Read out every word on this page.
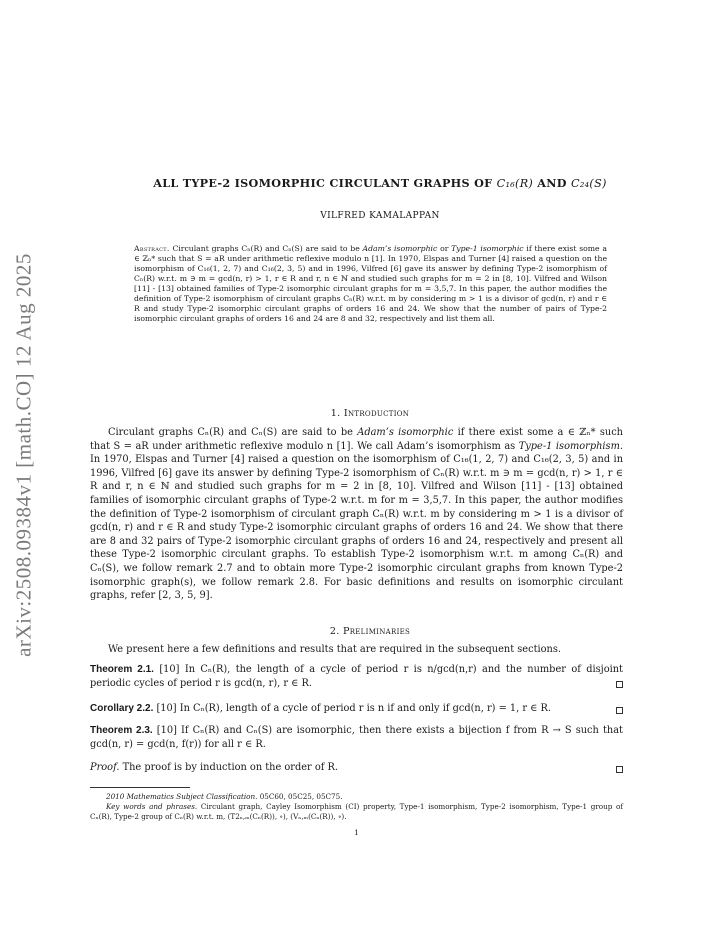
arXiv:2508.09384v1 [math.CO] 12 Aug 2025
ALL TYPE-2 ISOMORPHIC CIRCULANT GRAPHS OF C₁₆(R) AND C₂₄(S)
VILFRED KAMALAPPAN
Abstract. Circulant graphs Cₙ(R) and Cₙ(S) are said to be Adam’s isomorphic or Type-1 isomorphic if there exist some a ∈ ℤₙ* such that S = aR under arithmetic reflexive modulo n [1]. In 1970, Elspas and Turner [4] raised a question on the isomorphism of C₁₆(1, 2, 7) and C₁₆(2, 3, 5) and in 1996, Vilfred [6] gave its answer by defining Type-2 isomorphism of Cₙ(R) w.r.t. m ∋ m = gcd(n, r) > 1, r ∈ R and r, n ∈ ℕ and studied such graphs for m = 2 in [8, 10]. Vilfred and Wilson [11] - [13] obtained families of Type-2 isomorphic circulant graphs for m = 3,5,7. In this paper, the author modifies the definition of Type-2 isomorphism of circulant graphs Cₙ(R) w.r.t. m by considering m > 1 is a divisor of gcd(n, r) and r ∈ R and study Type-2 isomorphic circulant graphs of orders 16 and 24. We show that the number of pairs of Type-2 isomorphic circulant graphs of orders 16 and 24 are 8 and 32, respectively and list them all.
1. Introduction
Circulant graphs Cₙ(R) and Cₙ(S) are said to be Adam’s isomorphic if there exist some a ∈ ℤₙ* such that S = aR under arithmetic reflexive modulo n [1]. We call Adam’s isomorphism as Type-1 isomorphism. In 1970, Elspas and Turner [4] raised a question on the isomorphism of C₁₆(1, 2, 7) and C₁₆(2, 3, 5) and in 1996, Vilfred [6] gave its answer by defining Type-2 isomorphism of Cₙ(R) w.r.t. m ∋ m = gcd(n, r) > 1, r ∈ R and r, n ∈ ℕ and studied such graphs for m = 2 in [8, 10]. Vilfred and Wilson [11] - [13] obtained families of isomorphic circulant graphs of Type-2 w.r.t. m for m = 3,5,7. In this paper, the author modifies the definition of Type-2 isomorphism of circulant graph Cₙ(R) w.r.t. m by considering m > 1 is a divisor of gcd(n, r) and r ∈ R and study Type-2 isomorphic circulant graphs of orders 16 and 24. We show that there are 8 and 32 pairs of Type-2 isomorphic circulant graphs of orders 16 and 24, respectively and present all these Type-2 isomorphic circulant graphs. To establish Type-2 isomorphism w.r.t. m among Cₙ(R) and Cₙ(S), we follow remark 2.7 and to obtain more Type-2 isomorphic circulant graphs from known Type-2 isomorphic graph(s), we follow remark 2.8. For basic definitions and results on isomorphic circulant graphs, refer [2, 3, 5, 9].
2. Preliminaries
We present here a few definitions and results that are required in the subsequent sections.
Theorem 2.1. [10] In Cₙ(R), the length of a cycle of period r is n/gcd(n,r) and the number of disjoint periodic cycles of period r is gcd(n, r), r ∈ R.
Corollary 2.2. [10] In Cₙ(R), length of a cycle of period r is n if and only if gcd(n, r) = 1, r ∈ R.
Theorem 2.3. [10] If Cₙ(R) and Cₙ(S) are isomorphic, then there exists a bijection f from R → S such that gcd(n, r) = gcd(n, f(r)) for all r ∈ R.
Proof. The proof is by induction on the order of R.
2010 Mathematics Subject Classification. 05C60, 05C25, 05C75.
Key words and phrases. Circulant graph, Cayley Isomorphism (CI) property, Type-1 isomorphism, Type-2 isomorphism, Type-1 group of Cₙ(R), Type-2 group of Cₙ(R) w.r.t. m, (T2ₙ,ₘ(Cₙ(R)), ∘), (Vₙ,ₘ(Cₙ(R)), ∘).
1
